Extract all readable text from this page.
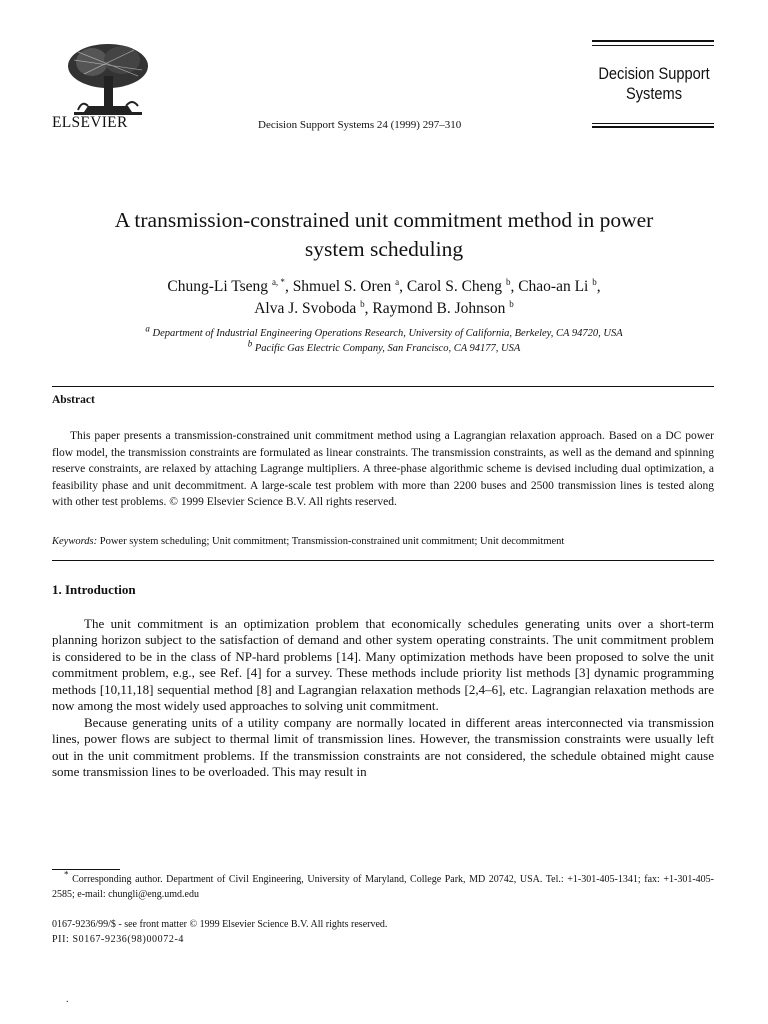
ELSEVIER	Decision Support Systems 24 (1999) 297–310
Decision Support
Systems
A transmission-constrained unit commitment method in power
system scheduling
Chung-Li Tseng $^{a, *}$, Shmuel S. Oren $^a$, Carol S. Cheng $^b$, Chao-an Li $^b$,
Alva J. Svoboda $^b$, Raymond B. Johnson $^b$
$^a$ Department of Industrial Engineering Operations Research, University of California, Berkeley, CA 94720, USA
$^b$ Pacific Gas Electric Company, San Francisco, CA 94177, USA
Abstract
This paper presents a transmission-constrained unit commitment method using a Lagrangian relaxation approach. Based on a DC power flow model, the transmission constraints are formulated as linear constraints. The transmission constraints, as well as the demand and spinning reserve constraints, are relaxed by attaching Lagrange multipliers. A three-phase algorithmic scheme is devised including dual optimization, a feasibility phase and unit decommitment. A large-scale test problem with more than 2200 buses and 2500 transmission lines is tested along with other test problems. © 1999 Elsevier Science B.V. All rights reserved.
Keywords: Power system scheduling; Unit commitment; Transmission-constrained unit commitment; Unit decommitment
1. Introduction

The unit commitment is an optimization problem that economically schedules generating units over a short-term planning horizon subject to the satisfaction of demand and other system operating constraints. The unit commitment problem is considered to be in the class of NP-hard problems [14]. Many optimization methods have been proposed to solve the unit commitment problem, e.g., see Ref. [4] for a survey. These methods include priority list methods [3] dynamic programming methods [10,11,18] sequential method [8] and Lagrangian relaxation methods [2,4–6], etc. Lagrangian relaxation methods are now among the most widely used approaches to solving unit commitment.

Because generating units of a utility company are normally located in different areas interconnected via transmission lines, power flows are subject to thermal limit of transmission lines. However, the transmission constraints were usually left out in the unit commitment problems. If the transmission constraints are not considered, the schedule obtained might cause some transmission lines to be overloaded. This may result in

* Corresponding author. Department of Civil Engineering, University of Maryland, College Park, MD 20742, USA. Tel.: +1-301-405-1341; fax: +1-301-405-2585; e-mail: chungli@eng.umd.edu
0167-9236/99/$ - see front matter © 1999 Elsevier Science B.V. All rights reserved.
PII: S0167-9236(98)00072-4
.
